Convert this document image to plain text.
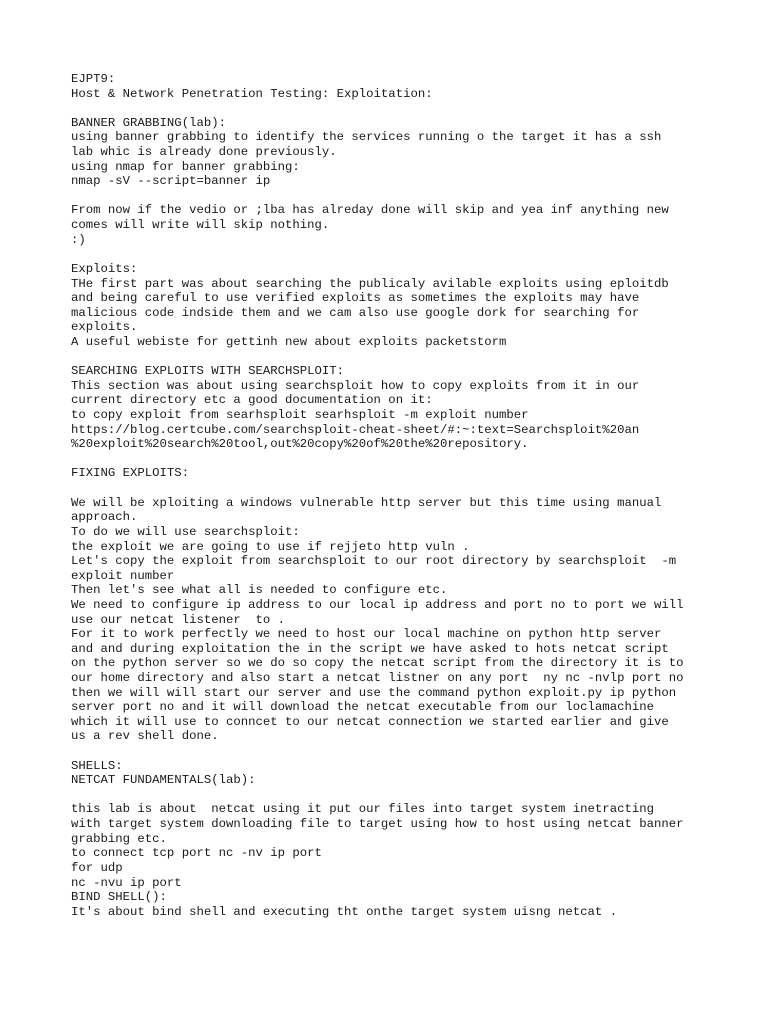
EJPT9:
Host & Network Penetration Testing: Exploitation:
BANNER GRABBING(lab):
using banner grabbing to identify the services running o the target it has a ssh
lab whic is already done previously.
using nmap for banner grabbing:
nmap -sV --script=banner ip
From now if the vedio or ;lba has alreday done will skip and yea inf anything new
comes will write will skip nothing.
:)
Exploits:
THe first part was about searching the publicaly avilable exploits using eploitdb
and being careful to use verified exploits as sometimes the exploits may have
malicious code indside them and we cam also use google dork for searching for
exploits.
A useful webiste for gettinh new about exploits packetstorm
SEARCHING EXPLOITS WITH SEARCHSPLOIT:
This section was about using searchsploit how to copy exploits from it in our
current directory etc a good documentation on it:
to copy exploit from searhsploit searhsploit -m exploit number
https://blog.certcube.com/searchsploit-cheat-sheet/#:~:text=Searchsploit%20an
%20exploit%20search%20tool,out%20copy%20of%20the%20repository.
FIXING EXPLOITS:
We will be xploiting a windows vulnerable http server but this time using manual
approach.
To do we will use searchsploit:
the exploit we are going to use if rejjeto http vuln .
Let's copy the exploit from searchsploit to our root directory by searchsploit  -m
exploit number
Then let's see what all is needed to configure etc.
We need to configure ip address to our local ip address and port no to port we will
use our netcat listener  to .
For it to work perfectly we need to host our local machine on python http server
and and during exploitation the in the script we have asked to hots netcat script
on the python server so we do so copy the netcat script from the directory it is to
our home directory and also start a netcat listner on any port  ny nc -nvlp port no
then we will will start our server and use the command python exploit.py ip python
server port no and it will download the netcat executable from our loclamachine
which it will use to conncet to our netcat connection we started earlier and give
us a rev shell done.
SHELLS:
NETCAT FUNDAMENTALS(lab):
this lab is about  netcat using it put our files into target system inetracting
with target system downloading file to target using how to host using netcat banner
grabbing etc.
to connect tcp port nc -nv ip port
for udp
nc -nvu ip port
BIND SHELL():
It's about bind shell and executing tht onthe target system uisng netcat .
